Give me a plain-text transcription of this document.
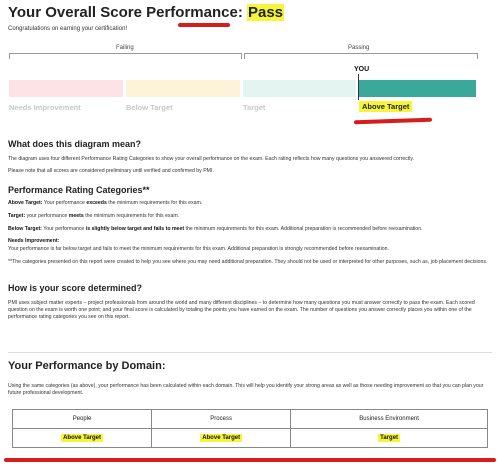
Your Overall Score Performance: Pass
Congratulations on earning your certification!
Failing	Passing
YOU
Needs Improvement	Below Target	Target	Above Target
What does this diagram mean?
The diagram uses four different Performance Rating Categories to show your overall performance on the exam. Each rating reflects how many questions you answered correctly.
Please note that all scores are considered preliminary until verified and confirmed by PMI.
Performance Rating Categories**
Above Target: Your performance exceeds the minimum requirements for this exam.
Target: your performance meets the minimum requirements for this exam.
Below Target: Your performance is slightly below target and fails to meet the minimum requirements for this exam. Additional preparation is recommended before reexamination.
Needs Improvement:
Your performance is far below target and fails to meet the minimum requirements for this exam. Additional preparation is strongly recommended before reexamination.
**The categories presented on this report were created to help you see where you may need additional preparation. They should not be used or interpreted for other purposes, such as, job placement decisions.
How is your score determined?
PMI uses subject matter experts – project professionals from around the world and many different disciplines – to determine how many questions you must answer correctly to pass the exam. Each scored question on the exam is worth one point; and your final score is calculated by totaling the points you have earned on the exam. The number of questions you answer correctly places you within one of the performance rating categories you see on this report.
Your Performance by Domain:
Using the same categories (as above), your performance has been calculated within each domain. This will help you identify your strong areas as well as those needing improvement so that you can plan your future professional development.
People	Process	Business Environment
Above Target	Above Target	Target
